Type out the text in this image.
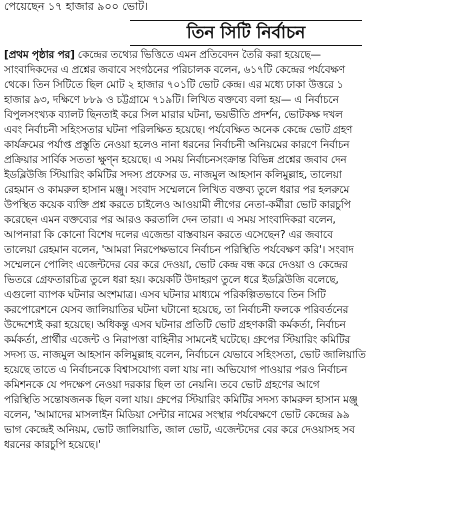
পেয়েছেন ১৭ হাজার ৯০০ ভোট।
তিন সিটি নির্বাচন
[প্রথম পৃষ্ঠার পর] কেন্দ্রের তথ্যের ভিত্তিতে এমন প্রতিবেদন তৈরি করা হয়েছে—
সাংবাদিকদের এ প্রশ্নের জবাবে সংগঠনের পরিচালক বলেন, ৬১৭টি কেন্দ্রের পর্যবেক্ষণ
থেকে। তিন সিটিতে ছিল মোট ২ হাজার ৭০১টি ভোট কেন্দ্র। এর মধ্যে ঢাকা উত্তরে ১
হাজার ৯৩, দক্ষিণে ৮৮৯ ও চট্টগ্রামে ৭১৯টি। লিখিত বক্তব্যে বলা হয়— এ নির্বাচনে
বিপুলসংখ্যক ব্যালট ছিনতাই করে সিল মারার ঘটনা, ভয়ভীতি প্রদর্শন, ভোটকক্ষ দখল
এবং নির্বাচনী সহিংসতার ঘটনা পরিলক্ষিত হয়েছে। পর্যবেক্ষিত অনেক কেন্দ্রে ভোট গ্রহণ
কার্যক্রমের পর্যাপ্ত প্রস্তুতি নেওয়া হলেও নানা ধরনের নির্বাচনী অনিয়মের কারণে নির্বাচন
প্রক্রিয়ার সার্বিক সততা ক্ষুণ্ন হয়েছে। এ সময় নির্বাচনসংক্রান্ত বিভিন্ন প্রশ্নের জবাব দেন
ইডব্লিউজি স্টিয়ারিং কমিটির সদস্য প্রফেসর ড. নাজমুল আহসান কলিমুল্লাহ, তালেয়া
রেহমান ও কামরুল হাসান মঞ্জু। সংবাদ সম্মেলনে লিখিত বক্তব্য তুলে ধরার পর হলরুমে
উপস্থিত কয়েক ব্যক্তি প্রশ্ন করতে চাইলেও আওয়ামী লীগের নেতা-কর্মীরা ভোট কারচুপি
করেছেন এমন বক্তব্যের পর আরও করতালি দেন তারা। এ সময় সাংবাদিকরা বলেন,
আপনারা কি কোনো বিশেষ দলের এজেন্ডা বাস্তবায়ন করতে এসেছেন? এর জবাবে
তালেয়া রেহমান বলেন, 'আমরা নিরপেক্ষভাবে নির্বাচন পরিস্থিতি পর্যবেক্ষণ করি'। সংবাদ
সম্মেলনে পোলিং এজেন্টদের বের করে দেওয়া, ভোট কেন্দ্র বন্ধ করে দেওয়া ও কেন্দ্রের
ভিতরে গ্রেফতারচিত্র তুলে ধরা হয়। কয়েকটি উদাহরণ তুলে ধরে ইডব্লিউজি বলেছে,
এগুলো ব্যাপক ঘটনার অংশমাত্র। এসব ঘটনার মাধ্যমে পরিকল্পিতভাবে তিন সিটি
করপোরেশনে যেসব জালিয়াতির ঘটনা ঘটানো হয়েছে, তা নির্বাচনী ফলকে পরিবর্তনের
উদ্দেশ্যেই করা হয়েছে। অধিকন্তু এসব ঘটনার প্রতিটি ভোট গ্রহণকারী কর্মকর্তা, নির্বাচন
কর্মকর্তা, প্রার্থীর এজেন্ট ও নিরাপত্তা বাহিনীর সামনেই ঘটেছে। গ্রুপের স্টিয়ারিং কমিটির
সদস্য ড. নাজমুল আহসান কলিমুল্লাহ বলেন, নির্বাচনে যেভাবে সহিংসতা, ভোট জালিয়াতি
হয়েছে তাতে এ নির্বাচনকে বিশ্বাসযোগ্য বলা যায় না। অভিযোগ পাওয়ার পরও নির্বাচন
কমিশনকে যে পদক্ষেপ নেওয়া দরকার ছিল তা নেয়নি। তবে ভোট গ্রহণের আগে
পরিস্থিতি সন্তোষজনক ছিল বলা যায়। গ্রুপের স্টিয়ারিং কমিটির সদস্য কামরুল হাসান মঞ্জু
বলেন, 'আমাদের মাসলাইন মিডিয়া সেন্টার নামের সংস্থার পর্যবেক্ষণে ভোট কেন্দ্রের ৯৯
ভাগ কেন্দ্রেই অনিয়ম, ভোট জালিয়াতি, জাল ভোট, এজেন্টদের বের করে দেওয়াসহ সব
ধরনের কারচুপি হয়েছে।'
